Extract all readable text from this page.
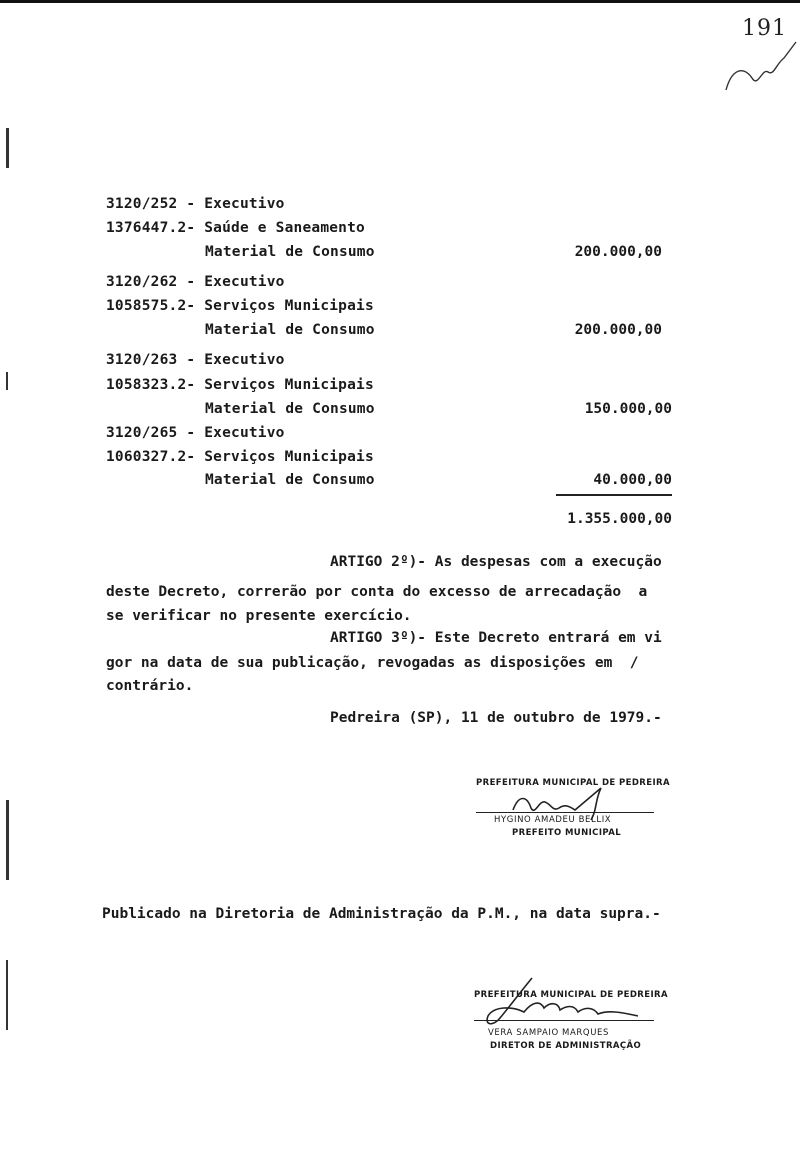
191
3120/252 - Executivo
1376447.2- Saúde e Saneamento
Material de Consumo	200.000,00
3120/262 - Executivo
1058575.2- Serviços Municipais
Material de Consumo	200.000,00
3120/263 - Executivo
1058323.2- Serviços Municipais
Material de Consumo	150.000,00
3120/265 - Executivo
1060327.2- Serviços Municipais
Material de Consumo	40.000,00
1.355.000,00
ARTIGO 2º)- As despesas com a execução
deste Decreto, correrão por conta do excesso de arrecadação  a
se verificar no presente exercício.
ARTIGO 3º)- Este Decreto entrará em vi
gor na data de sua publicação, revogadas as disposições em  /
contrário.
Pedreira (SP), 11 de outubro de 1979.-
PREFEITURA MUNICIPAL DE PEDREIRA
HYGINO AMADEU BELLIX
PREFEITO MUNICIPAL
Publicado na Diretoria de Administração da P.M., na data supra.-
PREFEITURA MUNICIPAL DE PEDREIRA
VERA SAMPAIO MARQUES
DIRETOR DE ADMINISTRAÇÃO
